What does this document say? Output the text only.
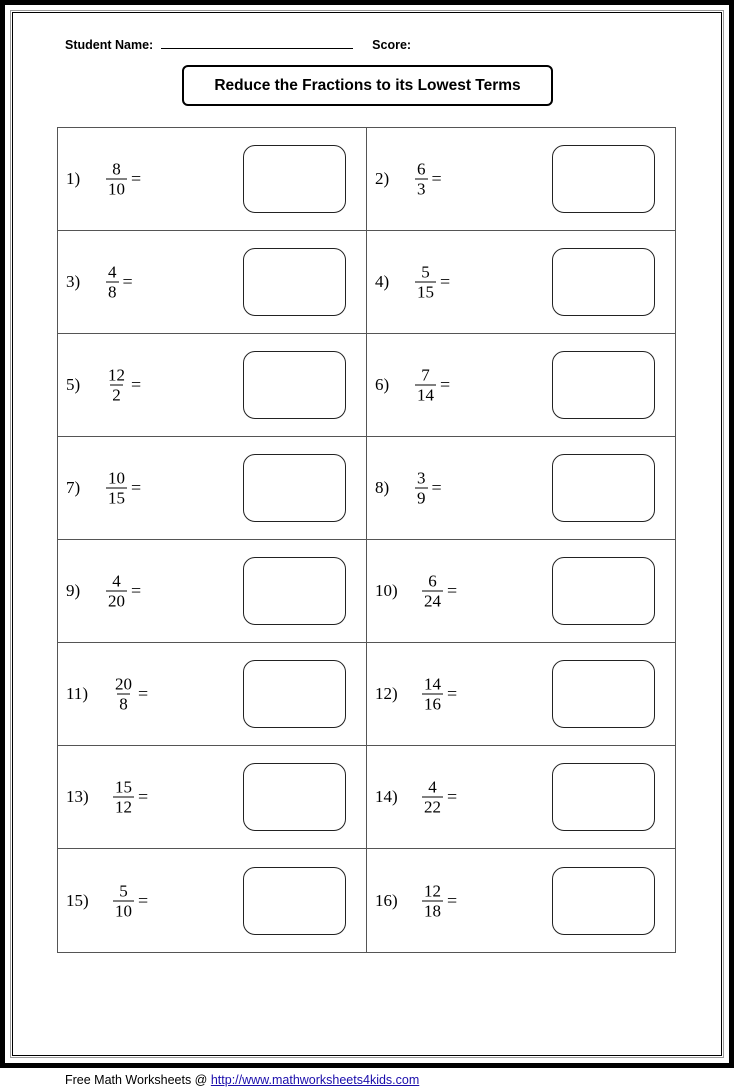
Student Name:	Score:
Reduce the Fractions to its Lowest Terms
$1) \frac{8}{10}$ =	$2) \frac{6}{3}$ =
$3) \frac{4}{8}$ =	$4) \frac{5}{15}$ =
$5) \frac{12}{2}$ =	$6) \frac{7}{14}$ =
$7) \frac{10}{15}$ =	$8) \frac{3}{9}$ =
$9) \frac{4}{20}$ =	$10) \frac{6}{24}$ =
$11) \frac{20}{8}$ =	$12) \frac{14}{16}$ =
$13) \frac{15}{12}$ =	$14) \frac{4}{22}$ =
$15) \frac{5}{10}$ =	$16) \frac{12}{18}$ =
Free Math Worksheets @ http://www.mathworksheets4kids.com
